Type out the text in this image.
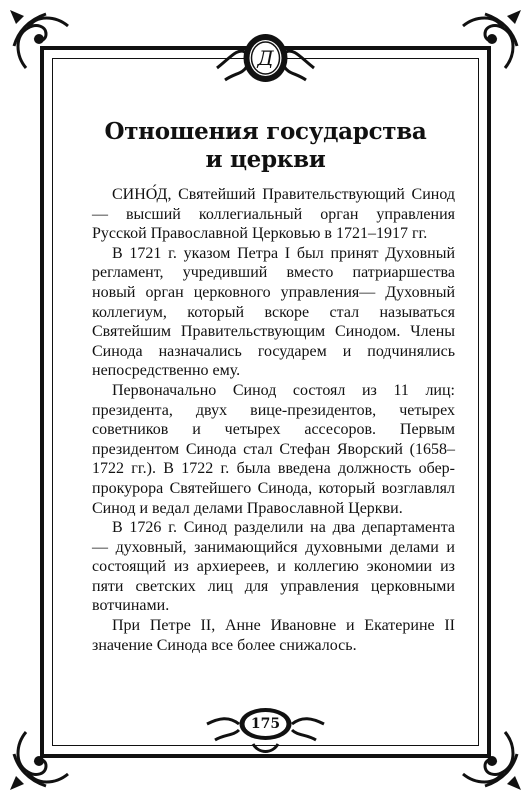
Д
175
Отношения государства
и церкви

СИНО́Д, Святейший Правительствующий Синод — высший коллегиальный орган управления Русской Православной Церковью в 1721–1917 гг.

В 1721 г. указом Петра I был принят Духовный регламент, учредивший вместо патриаршества новый орган церковного управления— Духовный коллегиум, который вскоре стал называться Святейшим Правительствующим Синодом. Члены Синода назначались государем и подчинялись непосредственно ему.

Первоначально Синод состоял из 11 лиц: президента, двух вице-президентов, четырех советников и четырех ассесоров. Первым президентом Синода стал Стефан Яворский (1658–1722 гг.). В 1722 г. была введена должность обер-прокурора Святейшего Синода, который возглавлял Синод и ведал делами Православной Церкви.

В 1726 г. Синод разделили на два департамента — духовный, занимающийся духовными делами и состоящий из архиереев, и коллегию экономии из пяти светских лиц для управления церковными вотчинами.

При Петре II, Анне Ивановне и Екатерине II значение Синода все более снижалось.
